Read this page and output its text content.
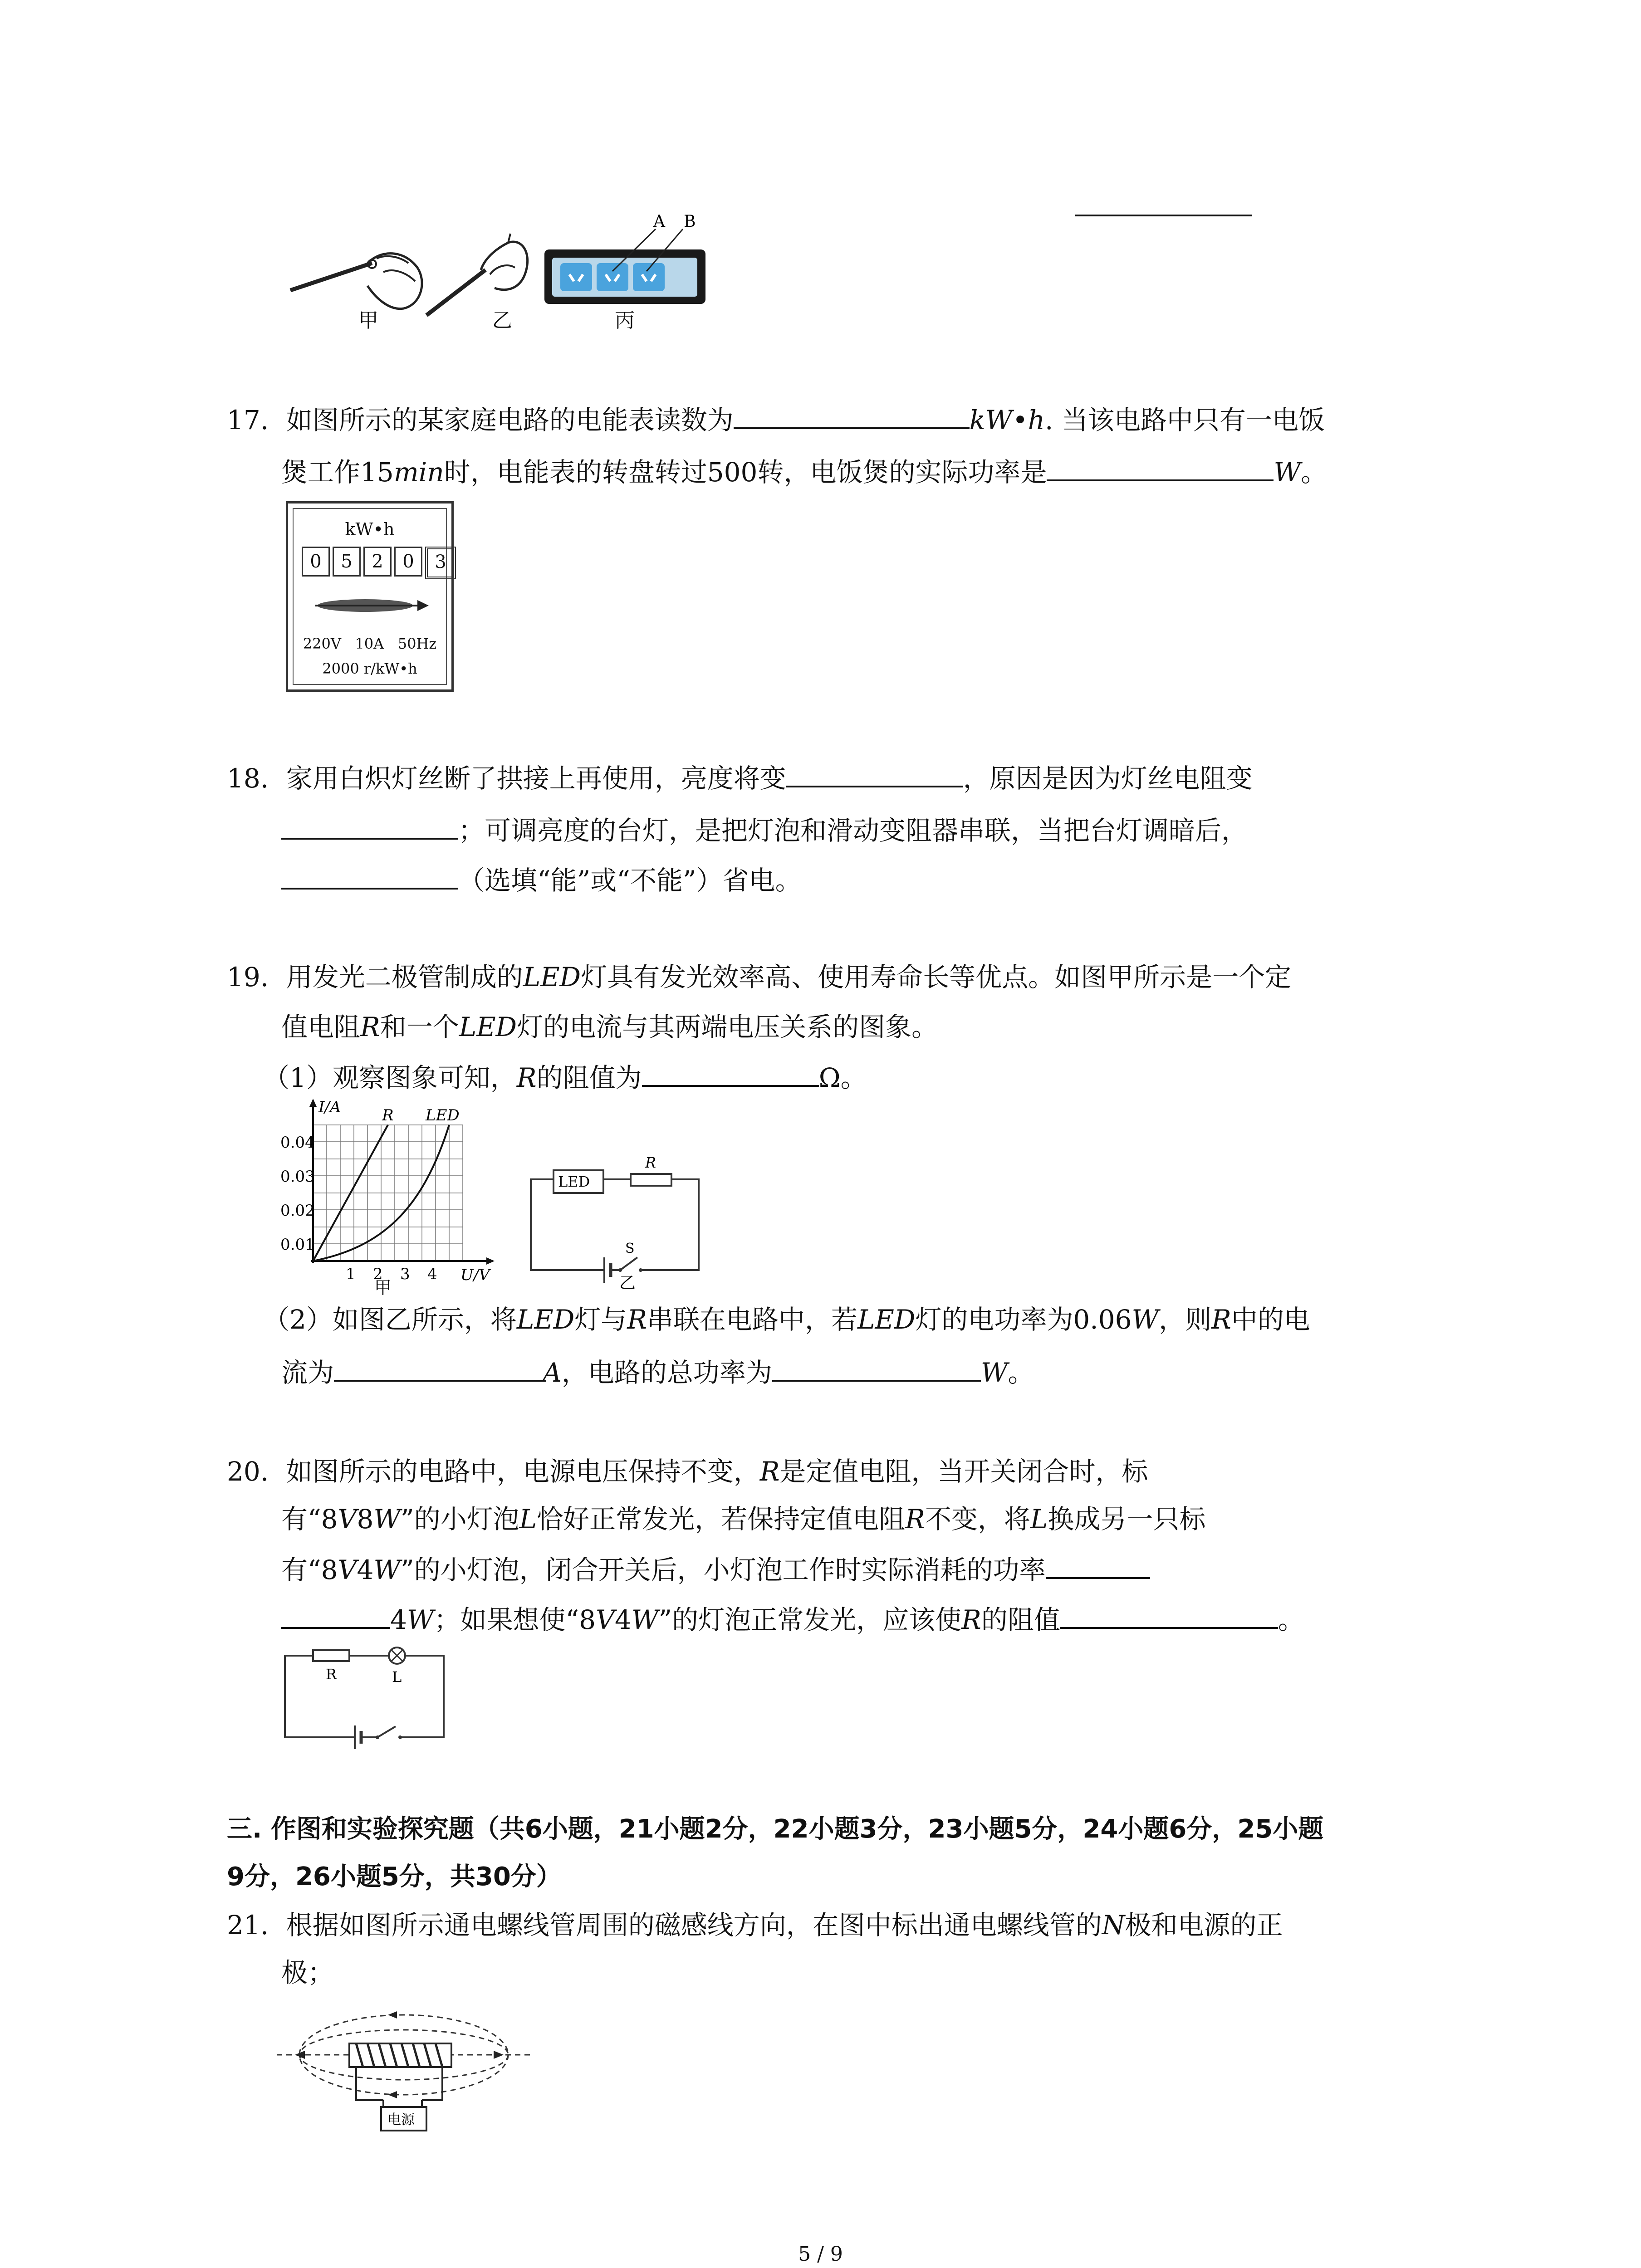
甲	乙
A B
丙
17. 如图所示的某家庭电路的电能表读数为	kW•h. 当该电路中只有一电饭
煲工作15min时，电能表的转盘转过500转，电饭煲的实际功率是	W。
kW•h
0	5	2	0	3
220V   10A   50Hz
2000 r/kW•h
18. 家用白炽灯丝断了拱接上再使用，亮度将变	，原因是因为灯丝电阻变
；可调亮度的台灯，是把灯泡和滑动变阻器串联，当把台灯调暗后，
（选填“能”或“不能”）省电。
19. 用发光二极管制成的LED灯具有发光效率高、使用寿命长等优点。如图甲所示是一个定
值电阻R和一个LED灯的电流与其两端电压关系的图象。
（1）观察图象可知，R的阻值为	Ω。
I/A	R LED
0.04
0.03
0.02
0.01
1 2 3 4 U/V
甲
LED
R
S
乙
（2）如图乙所示，将LED灯与R串联在电路中，若LED灯的电功率为0.06W，则R中的电
流为	A，电路的总功率为	W。
20. 如图所示的电路中，电源电压保持不变，R是定值电阻，当开关闭合时，标
有“8V8W”的小灯泡L恰好正常发光，若保持定值电阻R不变，将L换成另一只标
有“8V4W”的小灯泡，闭合开关后，小灯泡工作时实际消耗的功率
4W；如果想使“8V4W”的灯泡正常发光，应该使R的阻值	。
R	L
三. 作图和实验探究题（共6小题，21小题2分，22小题3分，23小题5分，24小题6分，25小题
9分，26小题5分，共30分）
21. 根据如图所示通电螺线管周围的磁感线方向，在图中标出通电螺线管的N极和电源的正
极；
电源
5 / 9
